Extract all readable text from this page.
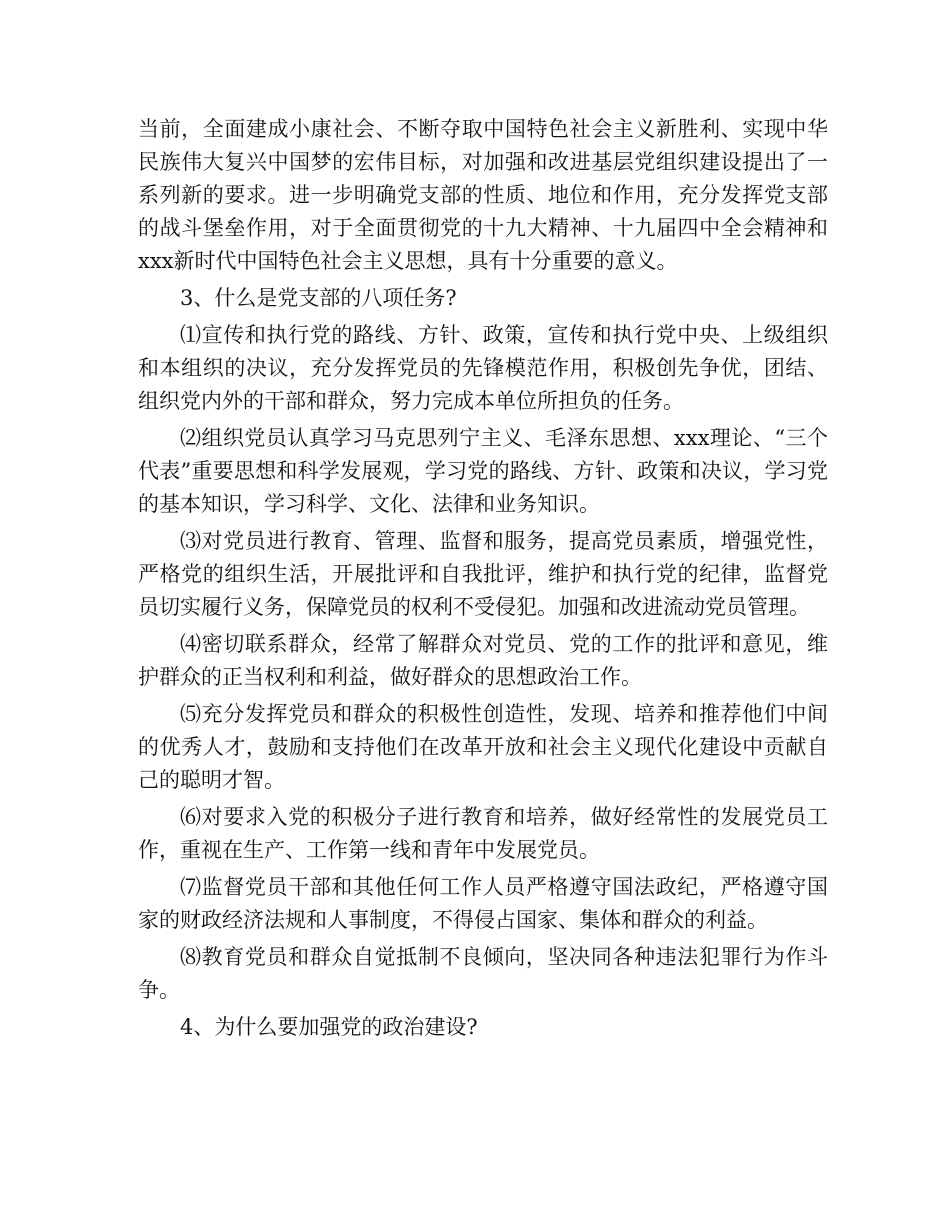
当前，全面建成小康社会、不断夺取中国特色社会主义新胜利、实现中华民族伟大复兴中国梦的宏伟目标，对加强和改进基层党组织建设提出了一系列新的要求。进一步明确党支部的性质、地位和作用，充分发挥党支部的战斗堡垒作用，对于全面贯彻党的十九大精神、十九届四中全会精神和xxx新时代中国特色社会主义思想，具有十分重要的意义。

3、什么是党支部的八项任务?

⑴宣传和执行党的路线、方针、政策，宣传和执行党中央、上级组织和本组织的决议，充分发挥党员的先锋模范作用，积极创先争优，团结、组织党内外的干部和群众，努力完成本单位所担负的任务。

⑵组织党员认真学习马克思列宁主义、毛泽东思想、xxx理论、“三个代表”重要思想和科学发展观，学习党的路线、方针、政策和决议，学习党的基本知识，学习科学、文化、法律和业务知识。

⑶对党员进行教育、管理、监督和服务，提高党员素质，增强党性，严格党的组织生活，开展批评和自我批评，维护和执行党的纪律，监督党员切实履行义务，保障党员的权利不受侵犯。加强和改进流动党员管理。

⑷密切联系群众，经常了解群众对党员、党的工作的批评和意见，维护群众的正当权利和利益，做好群众的思想政治工作。

⑸充分发挥党员和群众的积极性创造性，发现、培养和推荐他们中间的优秀人才，鼓励和支持他们在改革开放和社会主义现代化建设中贡献自己的聪明才智。

⑹对要求入党的积极分子进行教育和培养，做好经常性的发展党员工作，重视在生产、工作第一线和青年中发展党员。

⑺监督党员干部和其他任何工作人员严格遵守国法政纪，严格遵守国家的财政经济法规和人事制度，不得侵占国家、集体和群众的利益。

⑻教育党员和群众自觉抵制不良倾向，坚决同各种违法犯罪行为作斗争。

4、为什么要加强党的政治建设?
